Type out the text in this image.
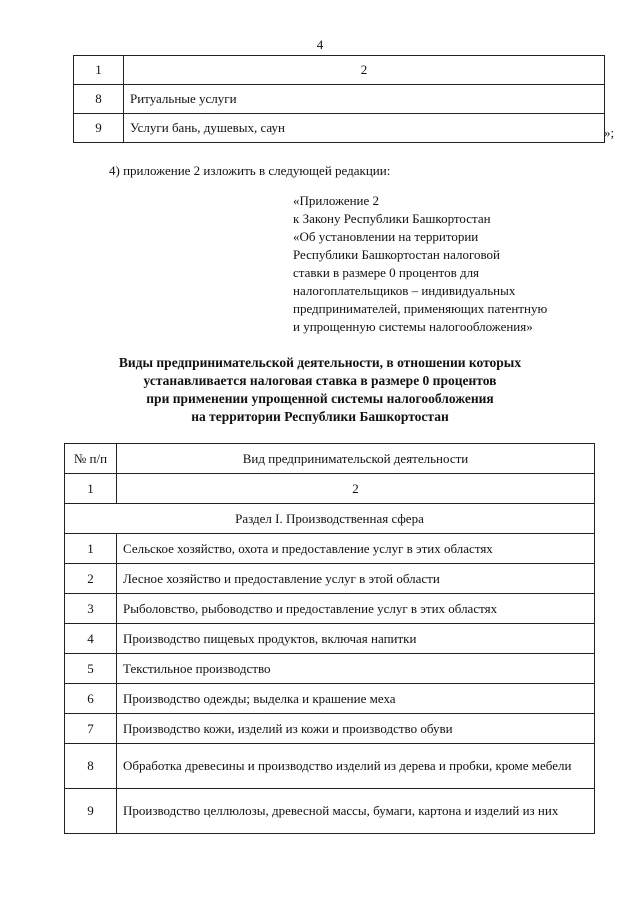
4
1	2
8	Ритуальные услуги
9	Услуги бань, душевых, саун	»;
4) приложение 2 изложить в следующей редакции:
«Приложение 2
к Закону Республики Башкортостан
«Об установлении на территории
Республики Башкортостан налоговой
ставки в размере 0 процентов для
налогоплательщиков – индивидуальных
предпринимателей, применяющих патентную
и упрощенную системы налогообложения»
Виды предпринимательской деятельности, в отношении которых
устанавливается налоговая ставка в размере 0 процентов
при применении упрощенной системы налогообложения
на территории Республики Башкортостан
№ п/п	Вид предпринимательской деятельности
1	2
Раздел I. Производственная сфера	
1	Сельское хозяйство, охота и предоставление услуг в этих областях
2	Лесное хозяйство и предоставление услуг в этой области
3	Рыболовство, рыбоводство и предоставление услуг в этих областях
4	Производство пищевых продуктов, включая напитки
5	Текстильное производство
6	Производство одежды; выделка и крашение меха
7	Производство кожи, изделий из кожи и производство обуви
8	Обработка древесины и производство изделий из дерева и пробки, кроме мебели
9	Производство целлюлозы, древесной массы, бумаги, картона и изделий из них
